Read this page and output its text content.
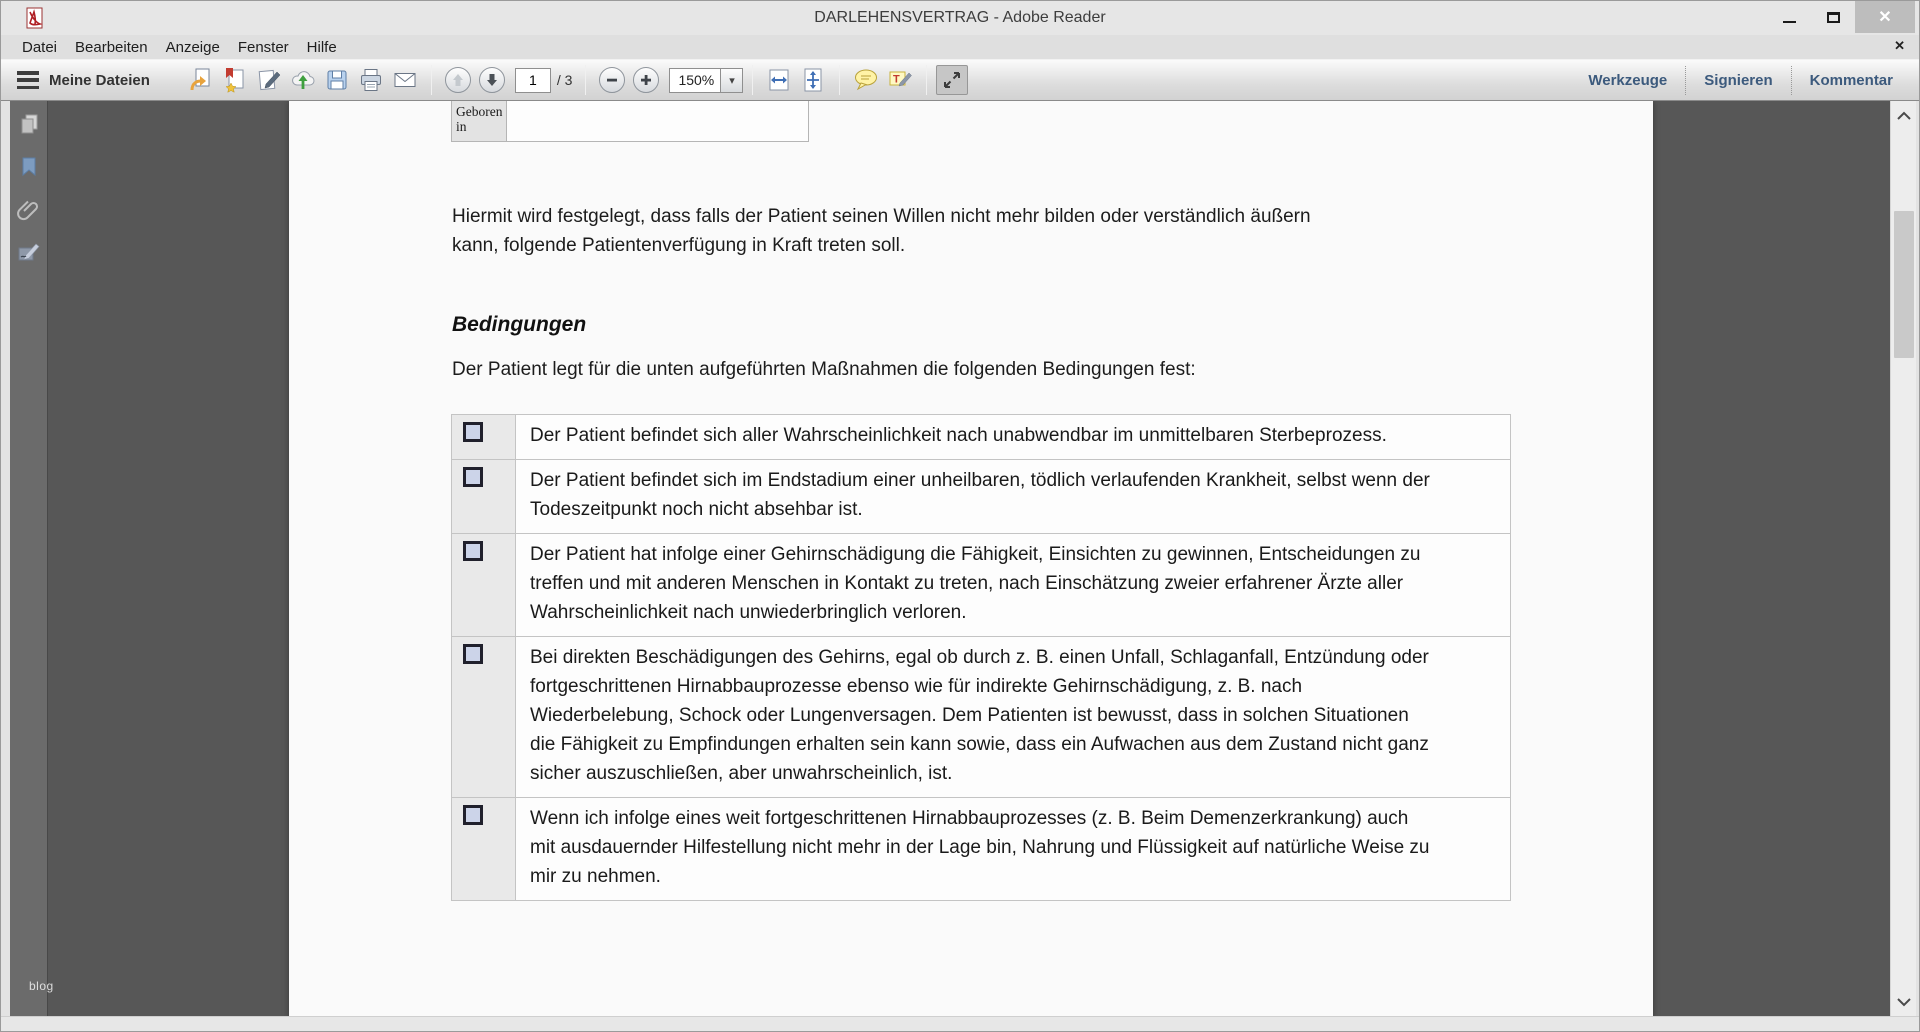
DARLEHENSVERTRAG - Adobe Reader	✕
Datei	Bearbeiten	Anzeige	Fenster	Hilfe	✕
Meine Dateien
1	/ 3	150%	▾	T	Werkzeuge	Signieren	Kommentar
Geboren in

Hiermit wird festgelegt, dass falls der Patient seinen Willen nicht mehr bilden oder verständlich äußern kann, folgende Patientenverfügung in Kraft treten soll.

Bedingungen

Der Patient legt für die unten aufgeführten Maßnahmen die folgenden Bedingungen fest:

Der Patient befindet sich aller Wahrscheinlichkeit nach unabwendbar im unmittelbaren Sterbeprozess.
Der Patient befindet sich im Endstadium einer unheilbaren, tödlich verlaufenden Krankheit, selbst wenn der Todeszeitpunkt noch nicht absehbar ist.
Der Patient hat infolge einer Gehirnschädigung die Fähigkeit, Einsichten zu gewinnen, Entscheidungen zu treffen und mit anderen Menschen in Kontakt zu treten, nach Einschätzung zweier erfahrener Ärzte aller Wahrscheinlichkeit nach unwiederbringlich verloren.
Bei direkten Beschädigungen des Gehirns, egal ob durch z. B. einen Unfall, Schlaganfall, Entzündung oder fortgeschrittenen Hirnabbauprozesse ebenso wie für indirekte Gehirnschädigung, z. B. nach Wiederbelebung, Schock oder Lungenversagen. Dem Patienten ist bewusst, dass in solchen Situationen die Fähigkeit zu Empfindungen erhalten sein kann sowie, dass ein Aufwachen aus dem Zustand nicht ganz sicher auszuschließen, aber unwahrscheinlich, ist.
Wenn ich infolge eines weit fortgeschrittenen Hirnabbauprozesses (z. B. Beim Demenzerkrankung) auch mit ausdauernder Hilfestellung nicht mehr in der Lage bin, Nahrung und Flüssigkeit auf natürliche Weise zu mir zu nehmen.
blog
